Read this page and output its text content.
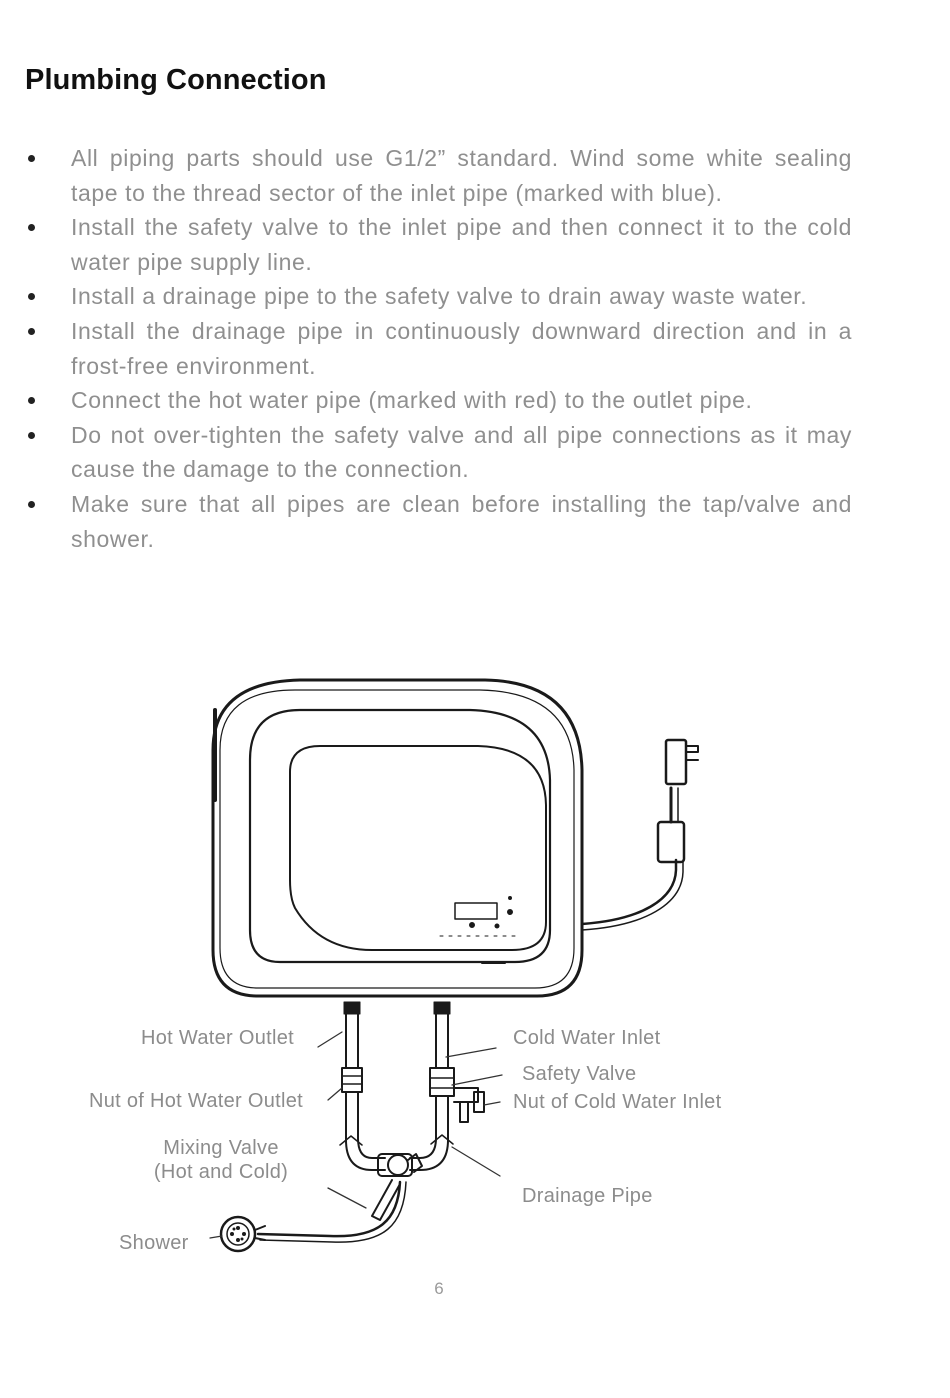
Plumbing Connection
All piping parts should use G1/2” standard. Wind some white sealing tape to the thread sector of the inlet pipe (marked with blue).
Install the safety valve to the inlet pipe and then connect it to the cold water pipe supply line.
Install a drainage pipe to the safety valve to drain away waste water.
Install the drainage pipe in continuously downward direction and in a frost-free environment.
Connect the hot water pipe (marked with red) to the outlet pipe.
Do not over-tighten the safety valve and all pipe connections as it may cause the damage to the connection.
Make sure that all pipes are clean before installing the tap/valve and shower.
Hot Water Outlet	Cold Water Inlet
Safety Valve
Nut of Hot Water Outlet	Nut of Cold Water Inlet
Mixing Valve
(Hot and Cold)
Drainage Pipe
Shower
6
